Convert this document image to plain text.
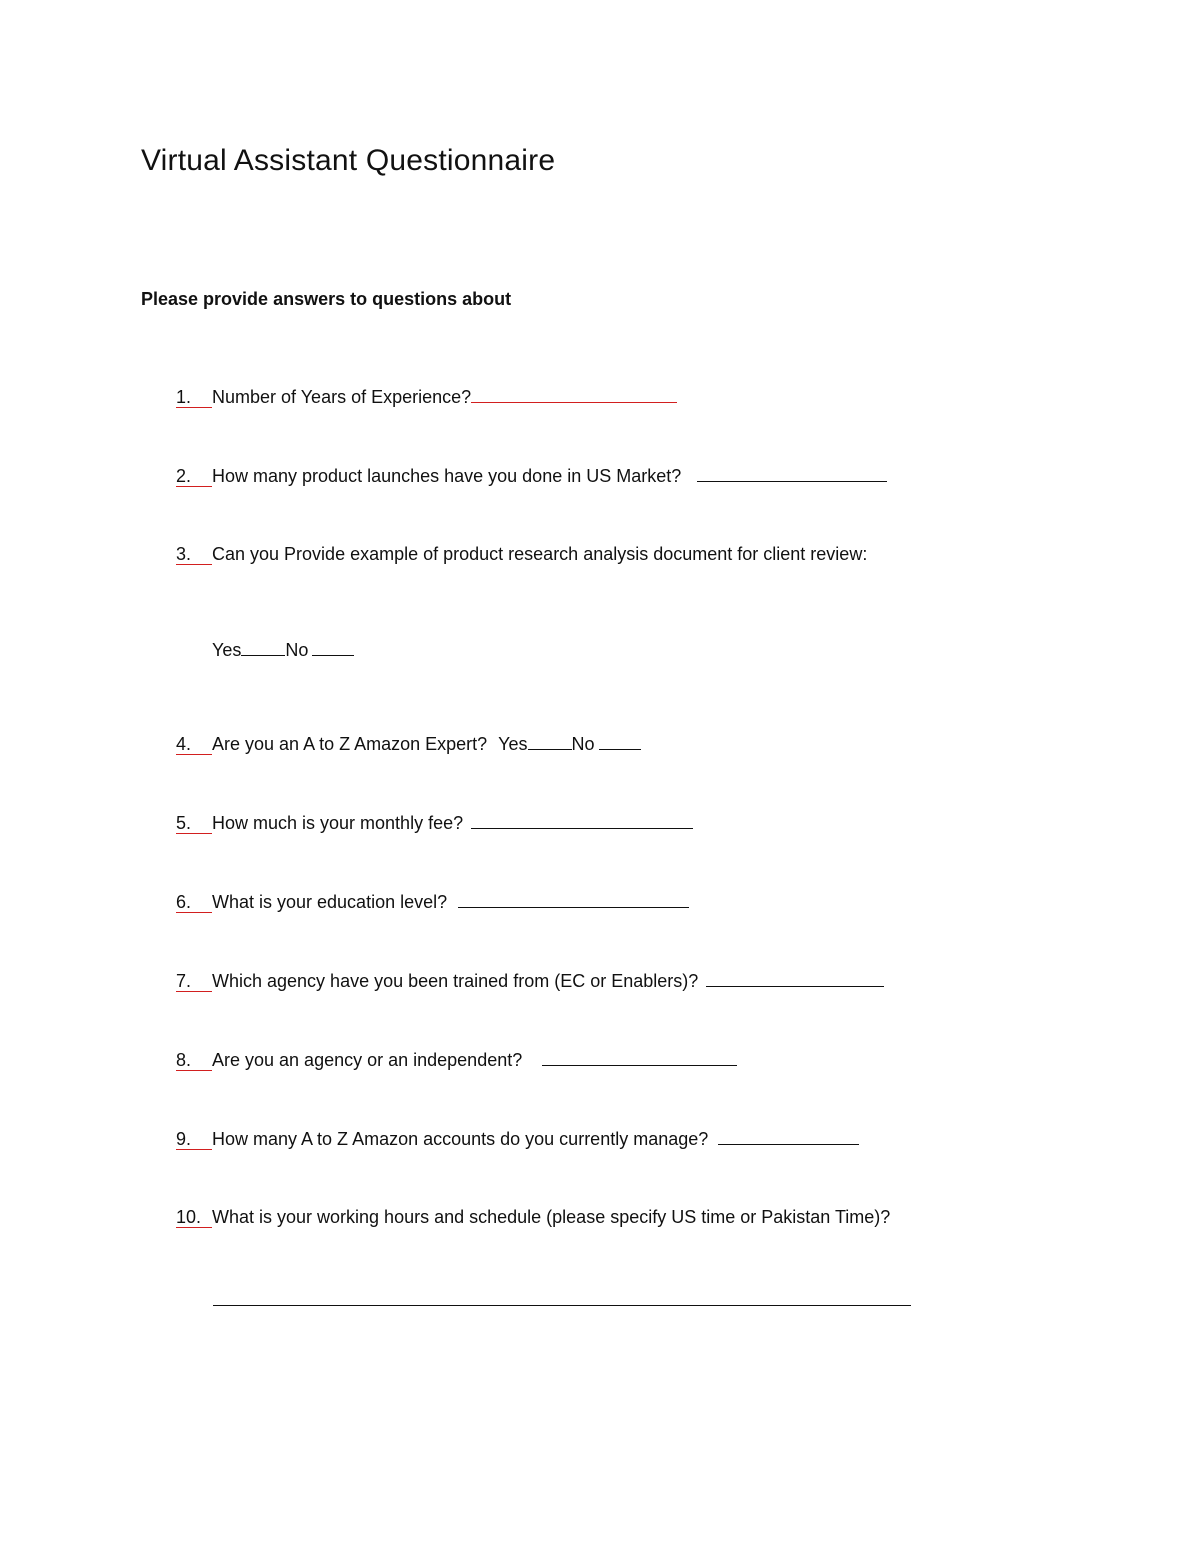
Virtual Assistant Questionnaire

Please provide answers to questions about

1. Number of Years of Experience?
2. How many product launches have you done in US Market?
3. Can you Provide example of product research analysis document for client review:
Yes No
4. Are you an A to Z Amazon Expert? Yes No
5. How much is your monthly fee?
6. What is your education level?
7. Which agency have you been trained from (EC or Enablers)?
8. Are you an agency or an independent?
9. How many A to Z Amazon accounts do you currently manage?
10. What is your working hours and schedule (please specify US time or Pakistan Time)?
